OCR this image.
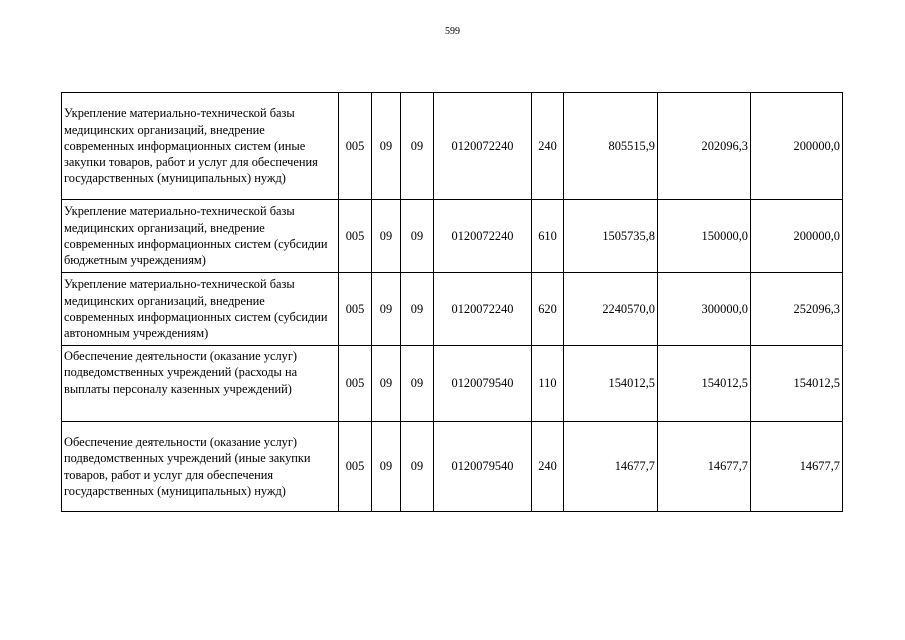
599
Укрепление материально-технической базы медицинских организаций, внедрение современных информационных систем (иные закупки товаров, работ и услуг для обеспечения государственных (муниципальных) нужд)	005	09	09	0120072240	240	805515,9	202096,3	200000,0
Укрепление материально-технической базы медицинских организаций, внедрение современных информационных систем (субсидии бюджетным учреждениям)	005	09	09	0120072240	610	1505735,8	150000,0	200000,0
Укрепление материально-технической базы медицинских организаций, внедрение современных информационных систем (субсидии автономным учреждениям)	005	09	09	0120072240	620	2240570,0	300000,0	252096,3
Обеспечение деятельности (оказание услуг) подведомственных учреждений (расходы на выплаты персоналу казенных учреждений)	005	09	09	0120079540	110	154012,5	154012,5	154012,5
Обеспечение деятельности (оказание услуг) подведомственных учреждений (иные закупки товаров, работ и услуг для обеспечения государственных (муниципальных) нужд)	005	09	09	0120079540	240	14677,7	14677,7	14677,7
